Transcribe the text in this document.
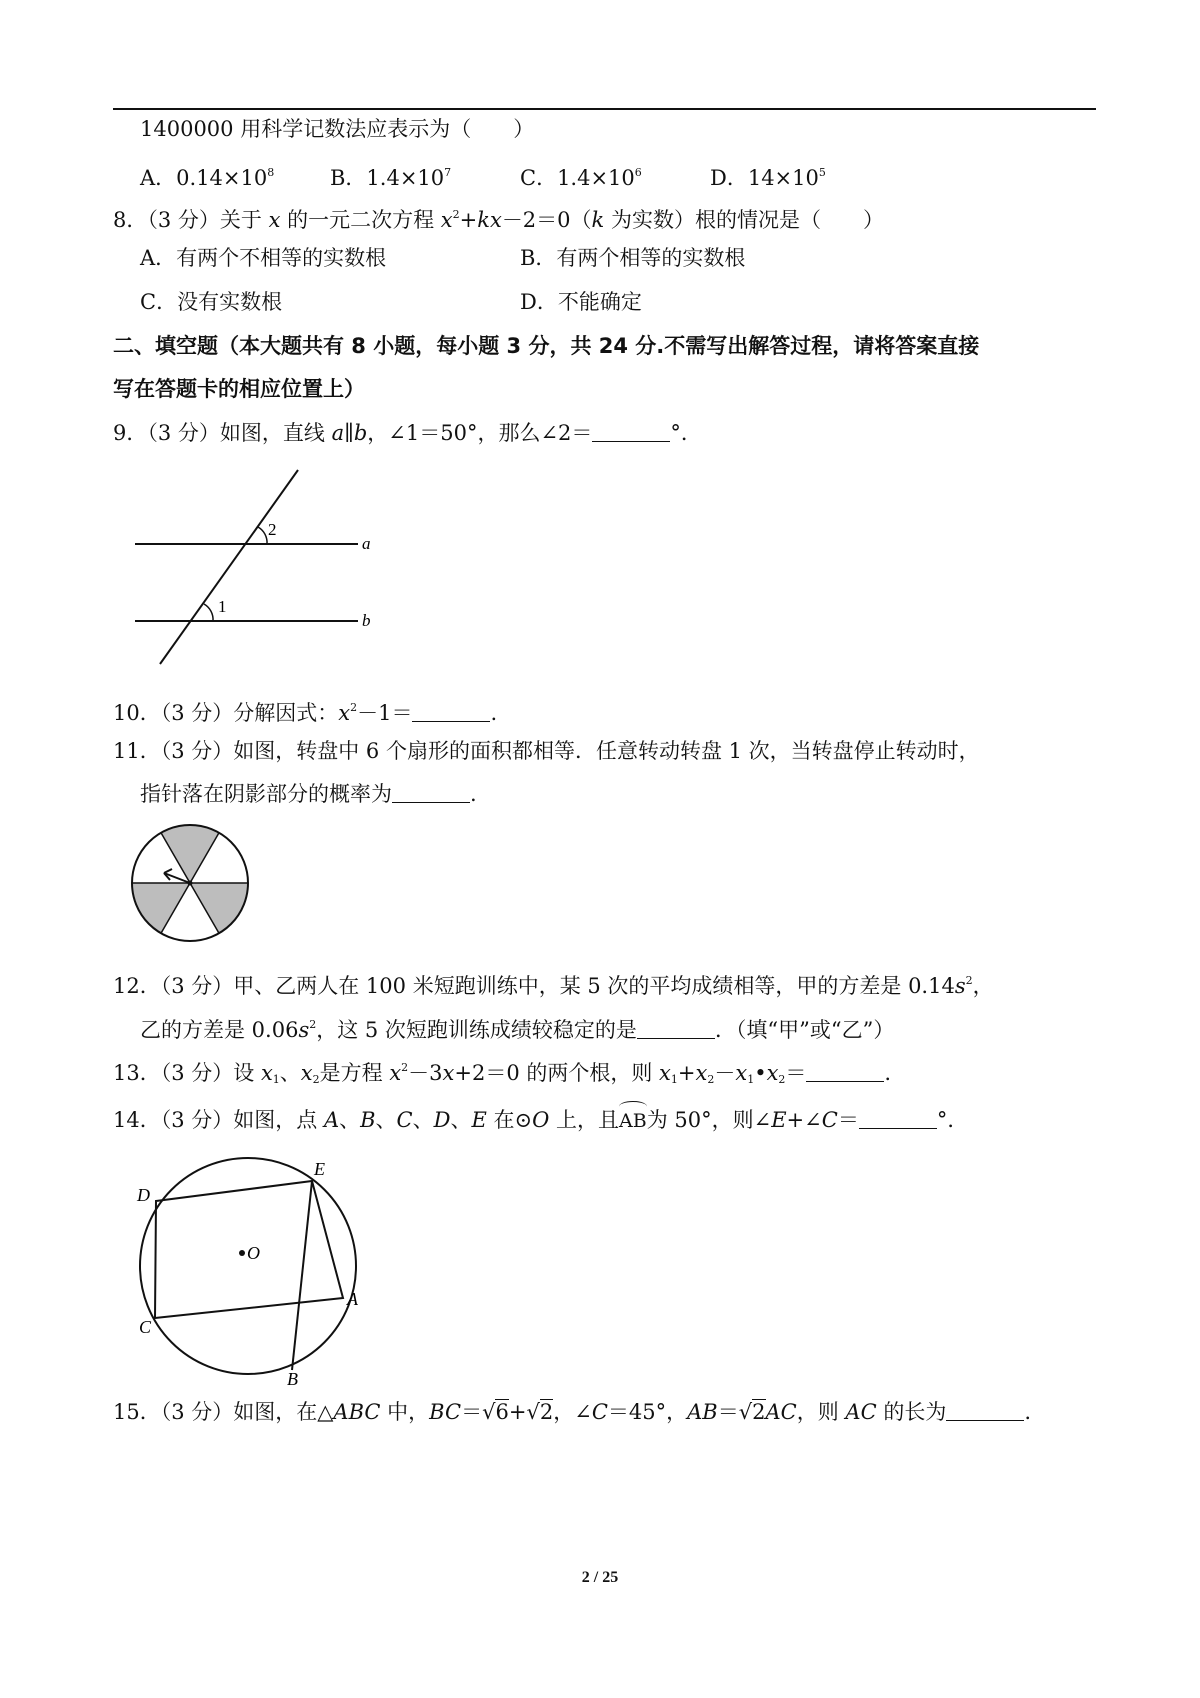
1400000 用科学记数法应表示为（　　）
A．$0.14\times 10^8$	B．$1.4\times 10^7$	C．$1.4\times 10^6$	D．$14\times 10^5$
8．（3 分）关于 x 的一元二次方程 $x^2+kx-2=0(k$ 为实数）根的情况是（　　）
A．有两个不相等的实数根	B．有两个相等的实数根
C．没有实数根	D．不能确定
二、填空题（本大题共有 8 小题，每小题 3 分，共 24 分.不需写出解答过程，请将答案直接
写在答题卡的相应位置上）
9．（3 分）如图，直线 a∥b，∠1＝50°，那么∠2＝	°．
2
1
a
b
10．（3 分）分解因式：$x^2-1=$	.
11．（3 分）如图，转盘中 6 个扇形的面积都相等．任意转动转盘 1 次，当转盘停止转动时，
指针落在阴影部分的概率为	.
12．（3 分）甲、乙两人在 100 米短跑训练中，某 5 次的平均成绩相等，甲的方差是 $0.14s^2$，
乙的方差是 $0.06s^2$，这 5 次短跑训练成绩较稳定的是	．（填“甲”或“乙”）
13．（3 分）设 $x_1$、$x_2$是方程 $x^2-3x+2=0$ 的两个根，则 $x_1+x_2-x_1•x_2=$	.
14．（3 分）如图，点 A、B、C、D、E 在⊙O 上，且
AB为 50°，则∠E+∠C＝	°．
O
D
E
A
C
B
15．（3 分）如图，在△ABC 中，BC＝√6+√2，∠C＝45°，AB＝√2AC，则 AC 的长为	.
2 / 25
